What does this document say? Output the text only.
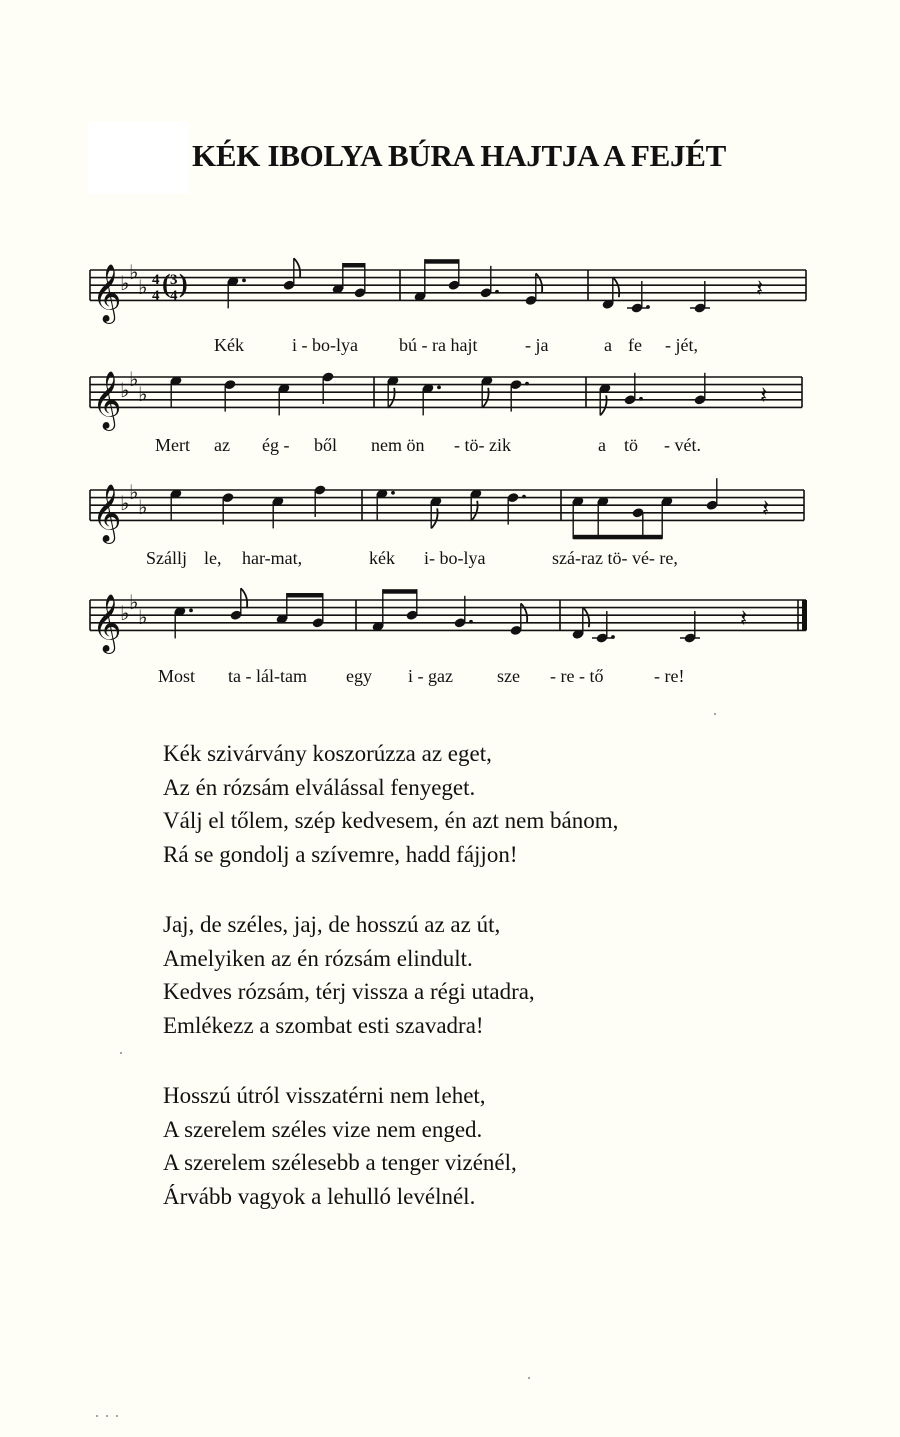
KÉK IBOLYA BÚRA HAJTJA A FEJÉT
𝄞
♭ ♭
♭ 4
4 ( 3
4 )	𝄽
𝄞
♭ ♭
♭	𝄽
𝄞
♭ ♭
♭	𝄽
𝄞
♭ ♭
♭	𝄽

Kék

	i - bo-lya

bú - ra hajt

	- ja

	a

fe

- jét,

Mert

az

ég -

ből

nem ön

- tö- zik

	a

tö

- vét.

Szállj

le,

har-mat,

	kék

i- bo-lya

	szá-raz tö- vé- re,

Most

ta - lál-tam

egy

i - gaz

sze

- re - tő

	- re!

Kék szivárvány koszorúzza az eget,
Az én rózsám elválással fenyeget.
Válj el tőlem, szép kedvesem, én azt nem bánom,
Rá se gondolj a szívemre, hadd fájjon!
Jaj, de széles, jaj, de hosszú az az út,
Amelyiken az én rózsám elindult.
Kedves rózsám, térj vissza a régi utadra,
Emlékezz a szombat esti szavadra!
Hosszú útról visszatérni nem lehet,
A szerelem széles vize nem enged.
A szerelem szélesebb a tenger vizénél,
Árvább vagyok a lehulló levélnél.
